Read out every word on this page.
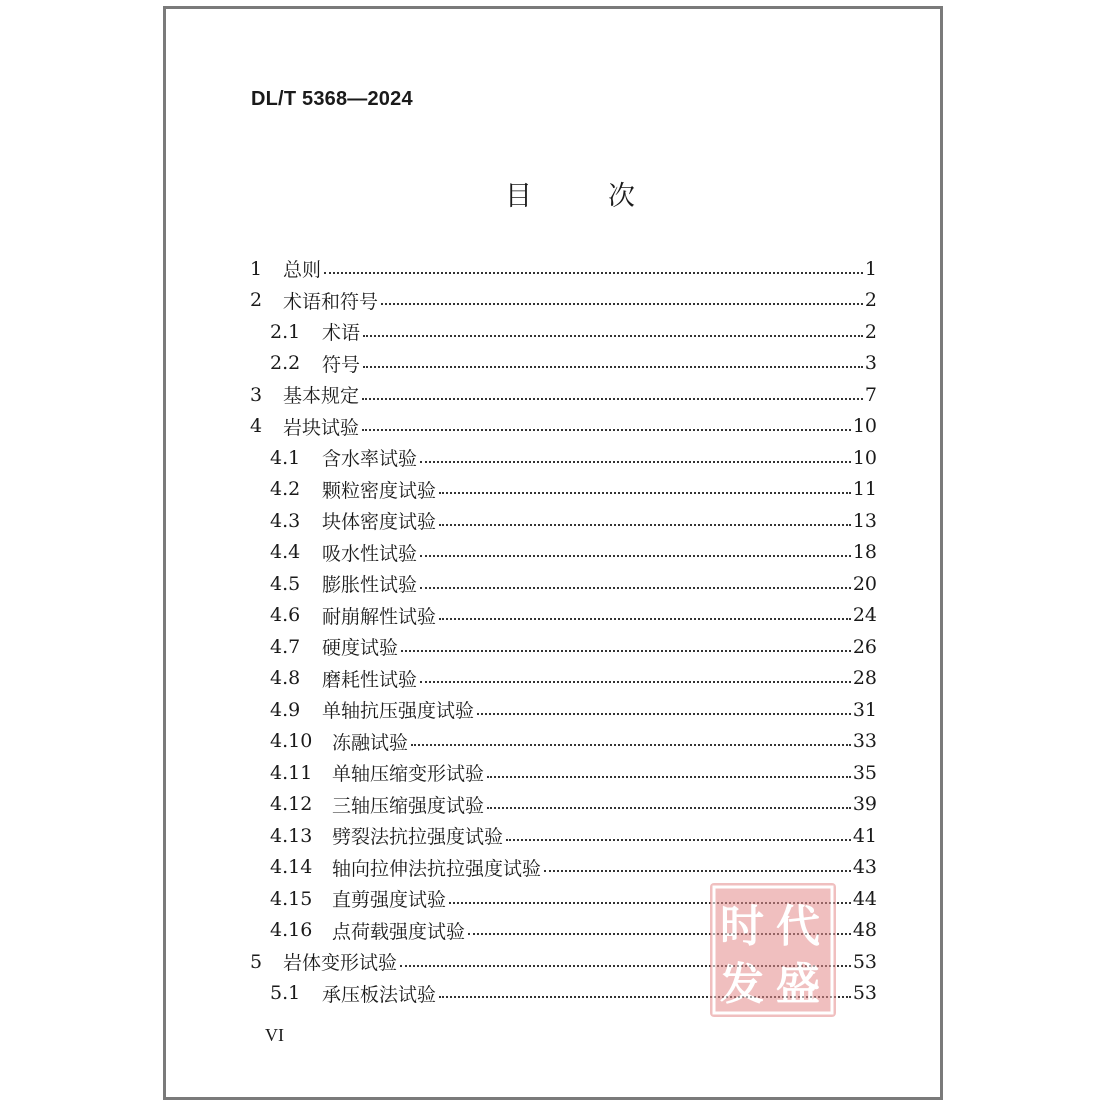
DL/T 5368—2024
目	次
1	总则	1
2	术语和符号	2
2.1	术语	2
2.2	符号	3
3	基本规定	7
4	岩块试验	10
4.1	含水率试验	10
4.2	颗粒密度试验	11
4.3	块体密度试验	13
4.4	吸水性试验	18
4.5	膨胀性试验	20
4.6	耐崩解性试验	24
4.7	硬度试验	26
4.8	磨耗性试验	28
4.9	单轴抗压强度试验	31
4.10	冻融试验	33
4.11	单轴压缩变形试验	35
4.12	三轴压缩强度试验	39
4.13	劈裂法抗拉强度试验	41
4.14	轴向拉伸法抗拉强度试验	43
4.15	直剪强度试验	44
4.16	点荷载强度试验	48
5	岩体变形试验	53
5.1	承压板法试验	53
VI
时 代
发 盛
